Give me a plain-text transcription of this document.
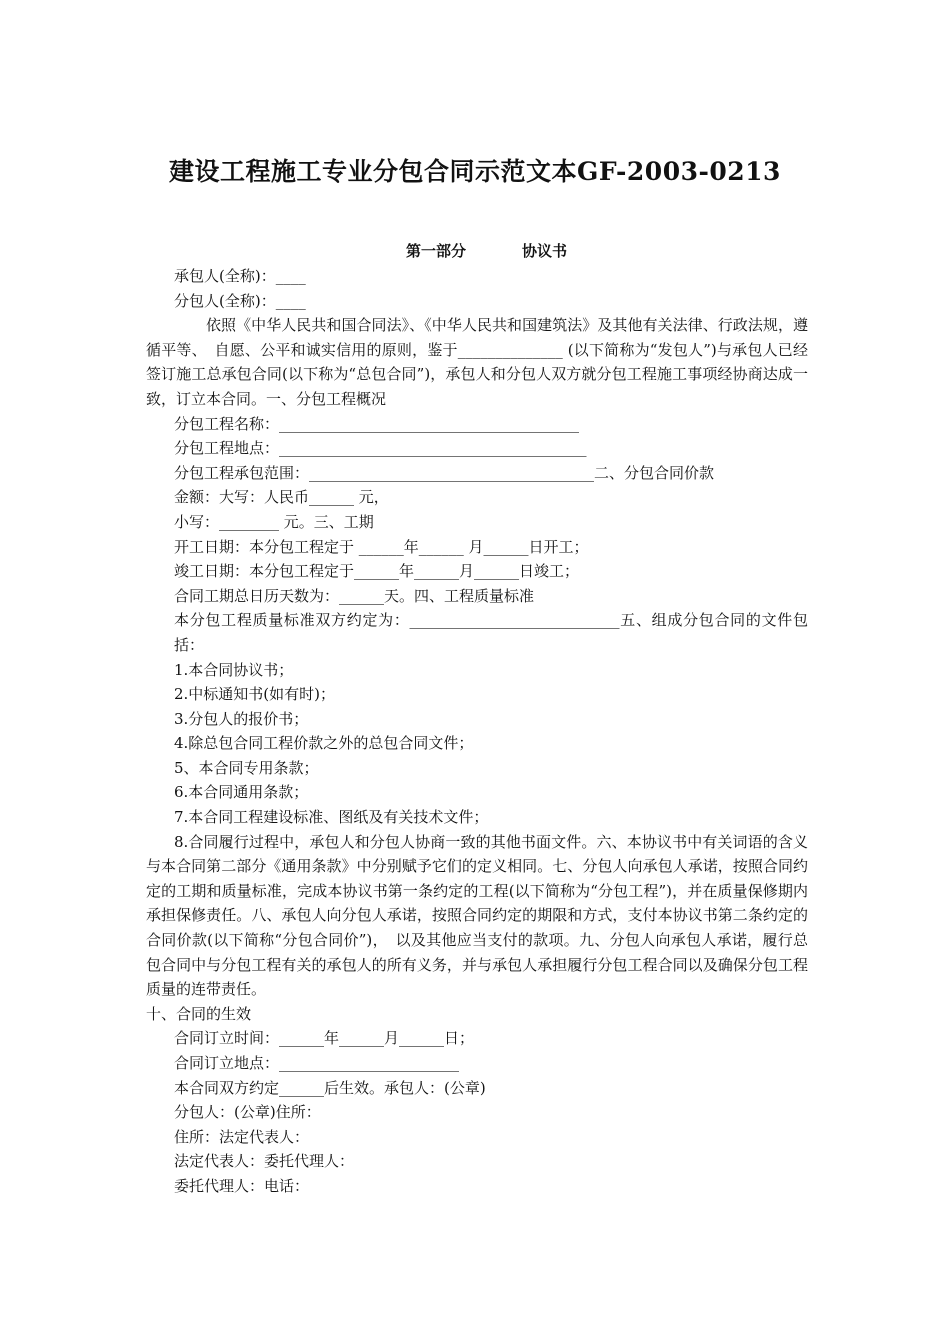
建设工程施工专业分包合同示范文本GF-2003-0213
第一部分	协议书

承包人(全称)：____

分包人(全称)：____

依照《中华人民共和国合同法》、《中华人民共和国建筑法》及其他有关法律、行政法规，遵循平等、　自愿、公平和诚实信用的原则，鉴于______________ (以下简称为“发包人”)与承包人已经签订施工总承包合同(以下称为“总包合同”)，承包人和分包人双方就分包工程施工事项经协商达成一致，订立本合同。一、分包工程概况

分包工程名称：________________________________________

分包工程地点：_________________________________________

分包工程承包范围：______________________________________二、分包合同价款

金额：大写：人民币______ 元，

小写：________ 元。三、工期

开工日期：本分包工程定于 ______年______ 月______日开工；

竣工日期：本分包工程定于______年______月______日竣工；

合同工期总日历天数为：______天。四、工程质量标准

本分包工程质量标准双方约定为：____________________________五、组成分包合同的文件包括：

1.本合同协议书；

2.中标通知书(如有时)；

3.分包人的报价书；

4.除总包合同工程价款之外的总包合同文件；

5、本合同专用条款；

6.本合同通用条款；

7.本合同工程建设标准、图纸及有关技术文件；

8.合同履行过程中，承包人和分包人协商一致的其他书面文件。六、本协议书中有关词语的含义与本合同第二部分《通用条款》中分别赋予它们的定义相同。七、分包人向承包人承诺，按照合同约定的工期和质量标准，完成本协议书第一条约定的工程(以下简称为“分包工程”)，并在质量保修期内承担保修责任。八、承包人向分包人承诺，按照合同约定的期限和方式，支付本协议书第二条约定的合同价款(以下简称“分包合同价”)，　以及其他应当支付的款项。九、分包人向承包人承诺，履行总包合同中与分包工程有关的承包人的所有义务，并与承包人承担履行分包工程合同以及确保分包工程质量的连带责任。

十、合同的生效

合同订立时间：______年______月______日；

合同订立地点：________________________

本合同双方约定______后生效。承包人：(公章)

分包人：(公章)住所：

住所：法定代表人：

法定代表人：委托代理人：

委托代理人：电话：
